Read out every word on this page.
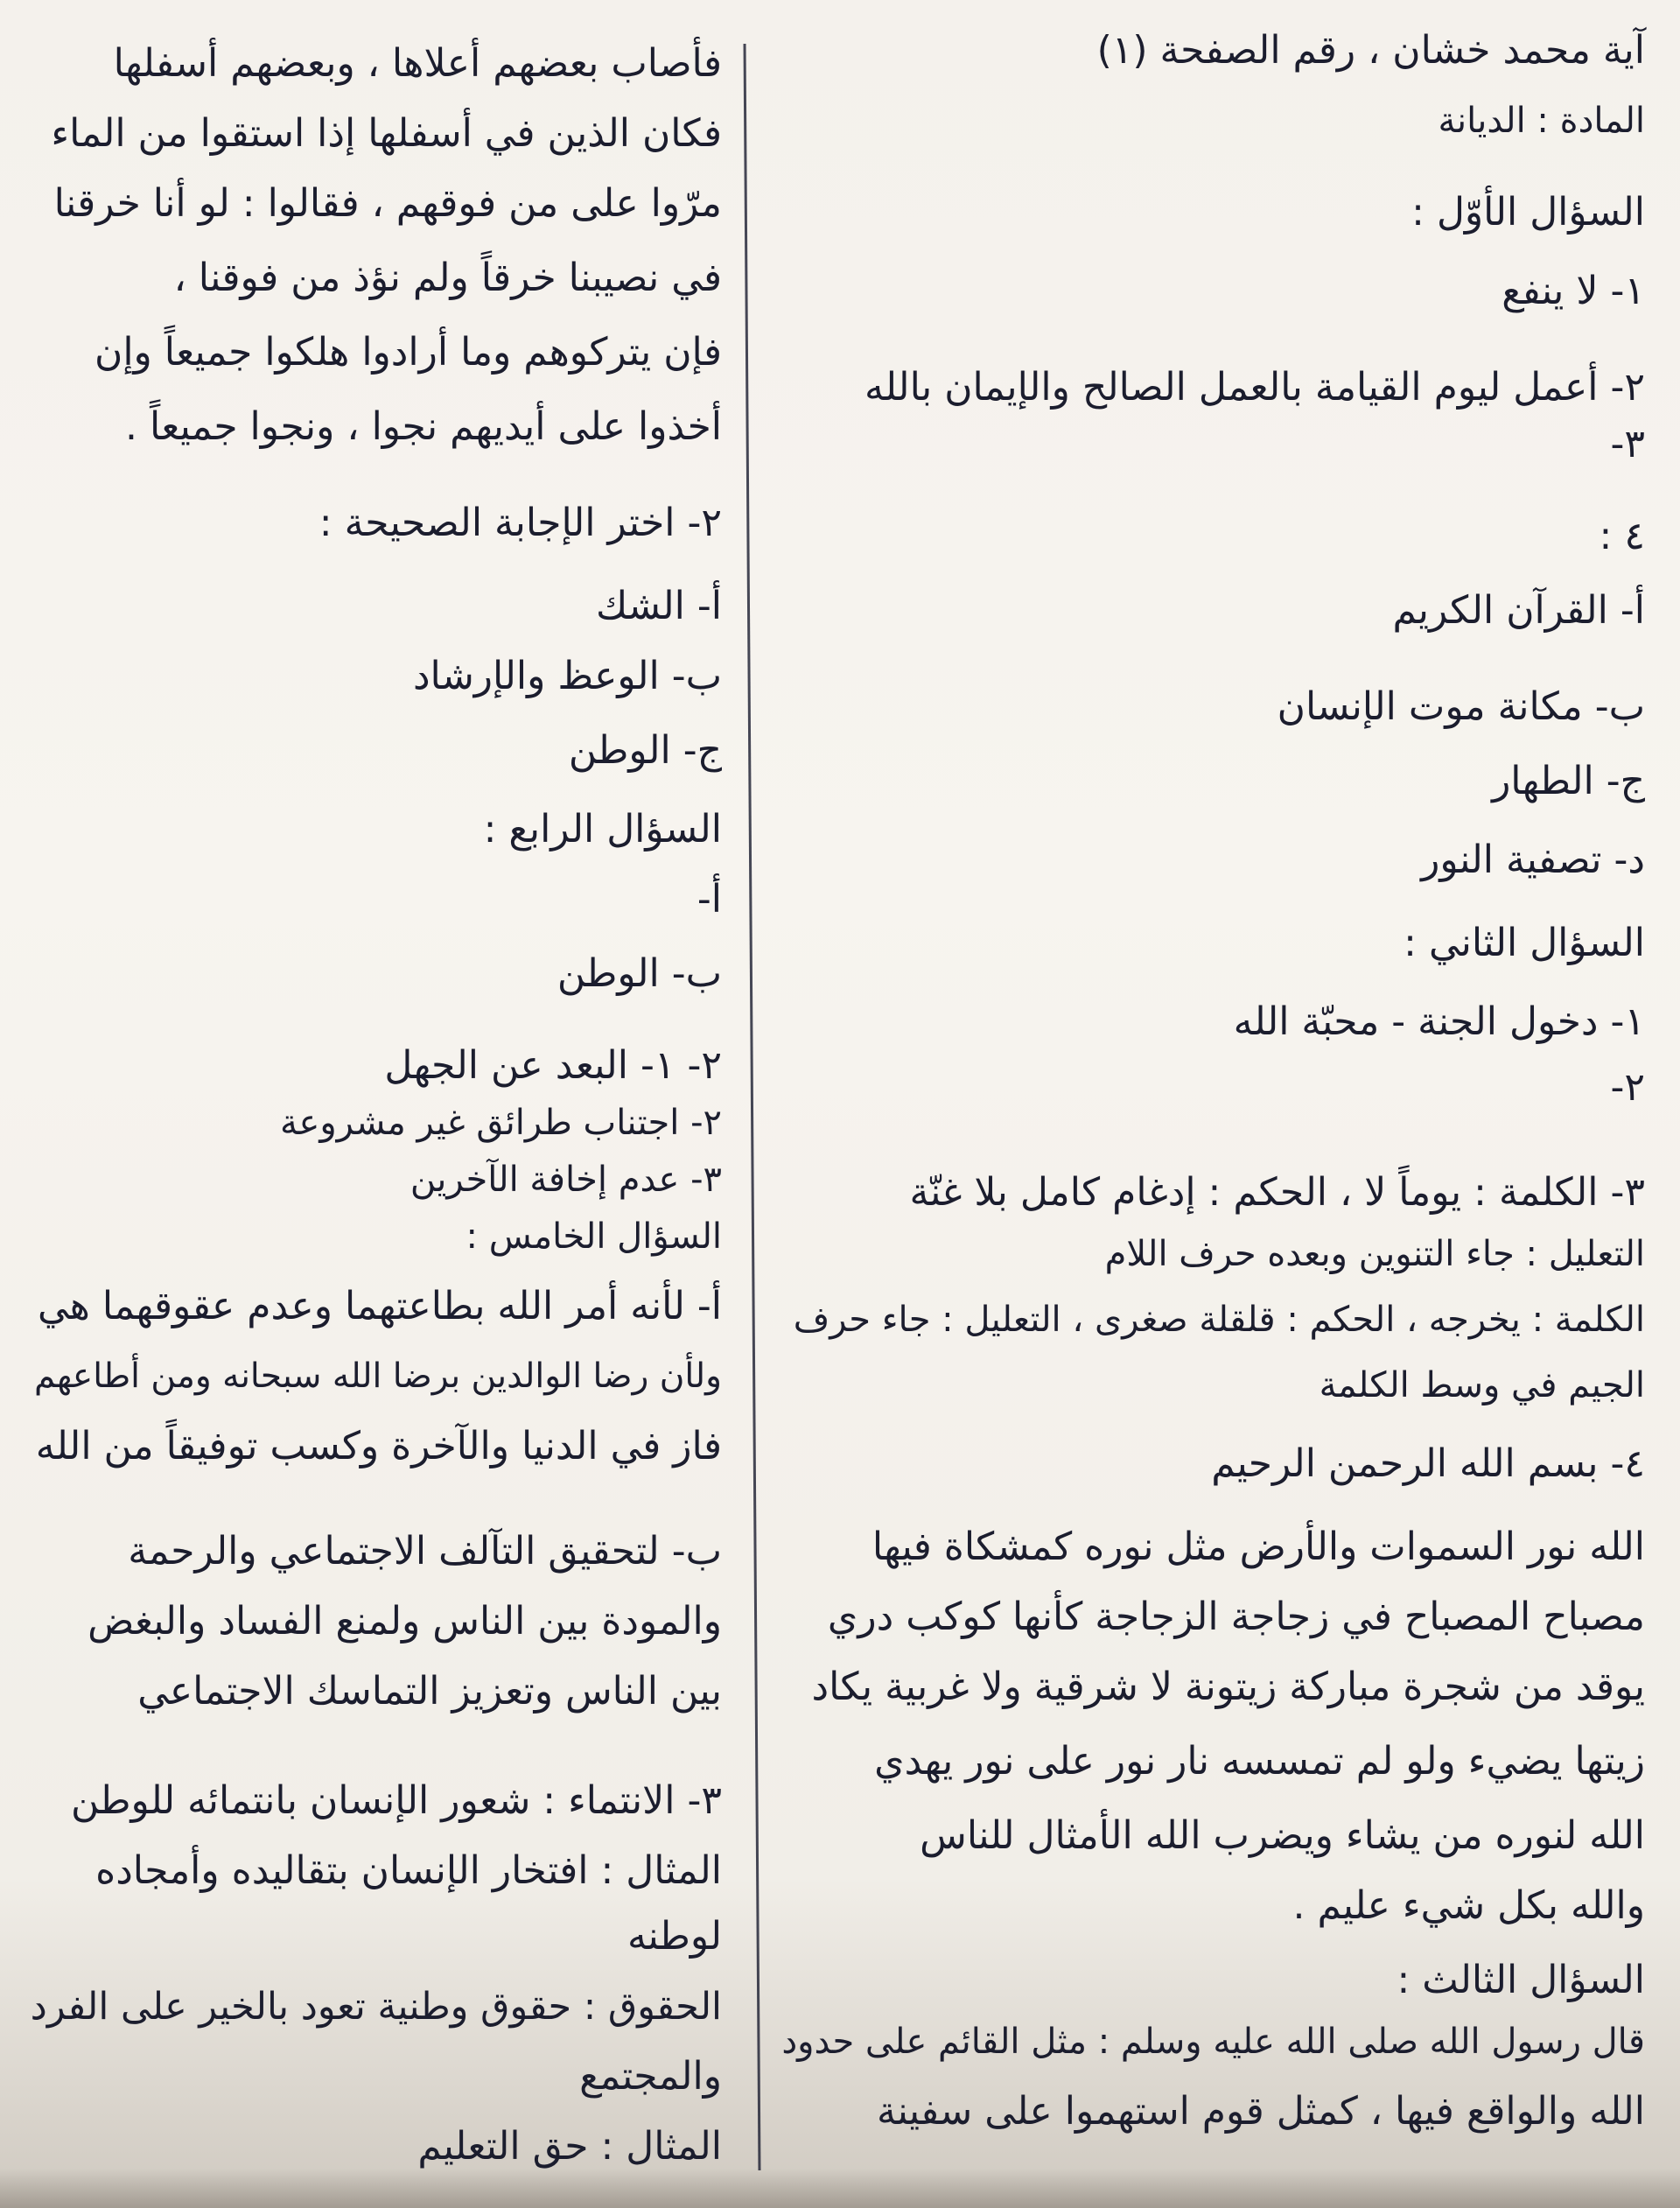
آية محمد خشان ، رقم الصفحة (١)
المادة : الديانة
السؤال الأوّل :
١- لا ينفع
٢- أعمل ليوم القيامة بالعمل الصالح والإيمان بالله
٣-
٤ :
أ- القرآن الكريم
ب- مكانة موت الإنسان
ج- الطهار
د- تصفية النور
السؤال الثاني :
١- دخول الجنة - محبّة الله
٢-
٣- الكلمة : يوماً لا ، الحكم : إدغام كامل بلا غنّة
التعليل : جاء التنوين وبعده حرف اللام
الكلمة : يخرجه ، الحكم : قلقلة صغرى ، التعليل : جاء حرف
الجيم في وسط الكلمة
٤- بسم الله الرحمن الرحيم
الله نور السموات والأرض مثل نوره كمشكاة فيها
مصباح المصباح في زجاجة الزجاجة كأنها كوكب دري
يوقد من شجرة مباركة زيتونة لا شرقية ولا غربية يكاد
زيتها يضيء ولو لم تمسسه نار نور على نور يهدي
الله لنوره من يشاء ويضرب الله الأمثال للناس
والله بكل شيء عليم .
السؤال الثالث :
قال رسول الله صلى الله عليه وسلم : مثل القائم على حدود
الله والواقع فيها ، كمثل قوم استهموا على سفينة
فأصاب بعضهم أعلاها ، وبعضهم أسفلها
فكان الذين في أسفلها إذا استقوا من الماء
مرّوا على من فوقهم ، فقالوا : لو أنا خرقنا
في نصيبنا خرقاً ولم نؤذ من فوقنا ،
فإن يتركوهم وما أرادوا هلكوا جميعاً وإن
أخذوا على أيديهم نجوا ، ونجوا جميعاً .
٢- اختر الإجابة الصحيحة :
أ- الشك
ب- الوعظ والإرشاد
ج- الوطن
السؤال الرابع :
أ-
ب- الوطن
٢- ١- البعد عن الجهل
٢- اجتناب طرائق غير مشروعة
٣- عدم إخافة الآخرين
السؤال الخامس :
أ- لأنه أمر الله بطاعتهما وعدم عقوقهما هي
ولأن رضا الوالدين برضا الله سبحانه ومن أطاعهم
فاز في الدنيا والآخرة وكسب توفيقاً من الله
ب- لتحقيق التآلف الاجتماعي والرحمة
والمودة بين الناس ولمنع الفساد والبغض
بين الناس وتعزيز التماسك الاجتماعي
٣- الانتماء : شعور الإنسان بانتمائه للوطن
المثال : افتخار الإنسان بتقاليده وأمجاده
لوطنه
الحقوق : حقوق وطنية تعود بالخير على الفرد
والمجتمع
المثال : حق التعليم
